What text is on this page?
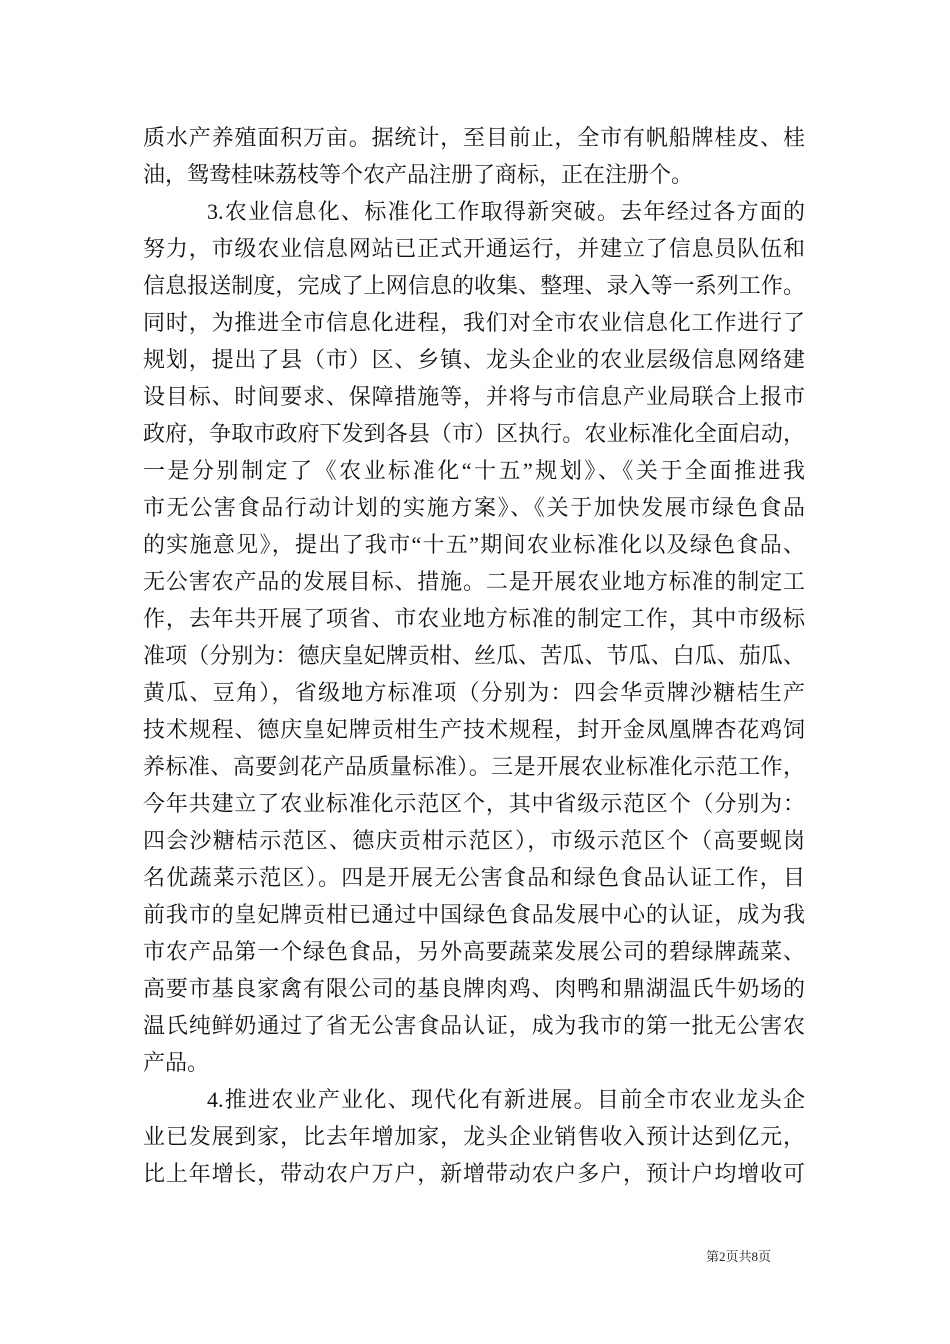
质水产养殖面积万亩。据统计，至目前止，全市有帆船牌桂皮、桂
油，鸳鸯桂味荔枝等个农产品注册了商标，正在注册个。
3.农业信息化、标准化工作取得新突破。去年经过各方面的
努力，市级农业信息网站已正式开通运行，并建立了信息员队伍和
信息报送制度，完成了上网信息的收集、整理、录入等一系列工作。
同时，为推进全市信息化进程，我们对全市农业信息化工作进行了
规划，提出了县（市）区、乡镇、龙头企业的农业层级信息网络建
设目标、时间要求、保障措施等，并将与市信息产业局联合上报市
政府，争取市政府下发到各县（市）区执行。农业标准化全面启动，
一是分别制定了《农业标准化“十五”规划》、《关于全面推进我
市无公害食品行动计划的实施方案》、《关于加快发展市绿色食品
的实施意见》，提出了我市“十五”期间农业标准化以及绿色食品、
无公害农产品的发展目标、措施。二是开展农业地方标准的制定工
作，去年共开展了项省、市农业地方标准的制定工作，其中市级标
准项（分别为：德庆皇妃牌贡柑、丝瓜、苦瓜、节瓜、白瓜、茄瓜、
黄瓜、豆角），省级地方标准项（分别为：四会华贡牌沙糖桔生产
技术规程、德庆皇妃牌贡柑生产技术规程，封开金凤凰牌杏花鸡饲
养标准、高要剑花产品质量标准）。三是开展农业标准化示范工作，
今年共建立了农业标准化示范区个，其中省级示范区个（分别为：
四会沙糖桔示范区、德庆贡柑示范区），市级示范区个（高要蚬岗
名优蔬菜示范区）。四是开展无公害食品和绿色食品认证工作，目
前我市的皇妃牌贡柑已通过中国绿色食品发展中心的认证，成为我
市农产品第一个绿色食品，另外高要蔬菜发展公司的碧绿牌蔬菜、
高要市基良家禽有限公司的基良牌肉鸡、肉鸭和鼎湖温氏牛奶场的
温氏纯鲜奶通过了省无公害食品认证，成为我市的第一批无公害农
产品。
4.推进农业产业化、现代化有新进展。目前全市农业龙头企
业已发展到家，比去年增加家，龙头企业销售收入预计达到亿元，
比上年增长，带动农户万户，新增带动农户多户，预计户均增收可
第2页共8页
